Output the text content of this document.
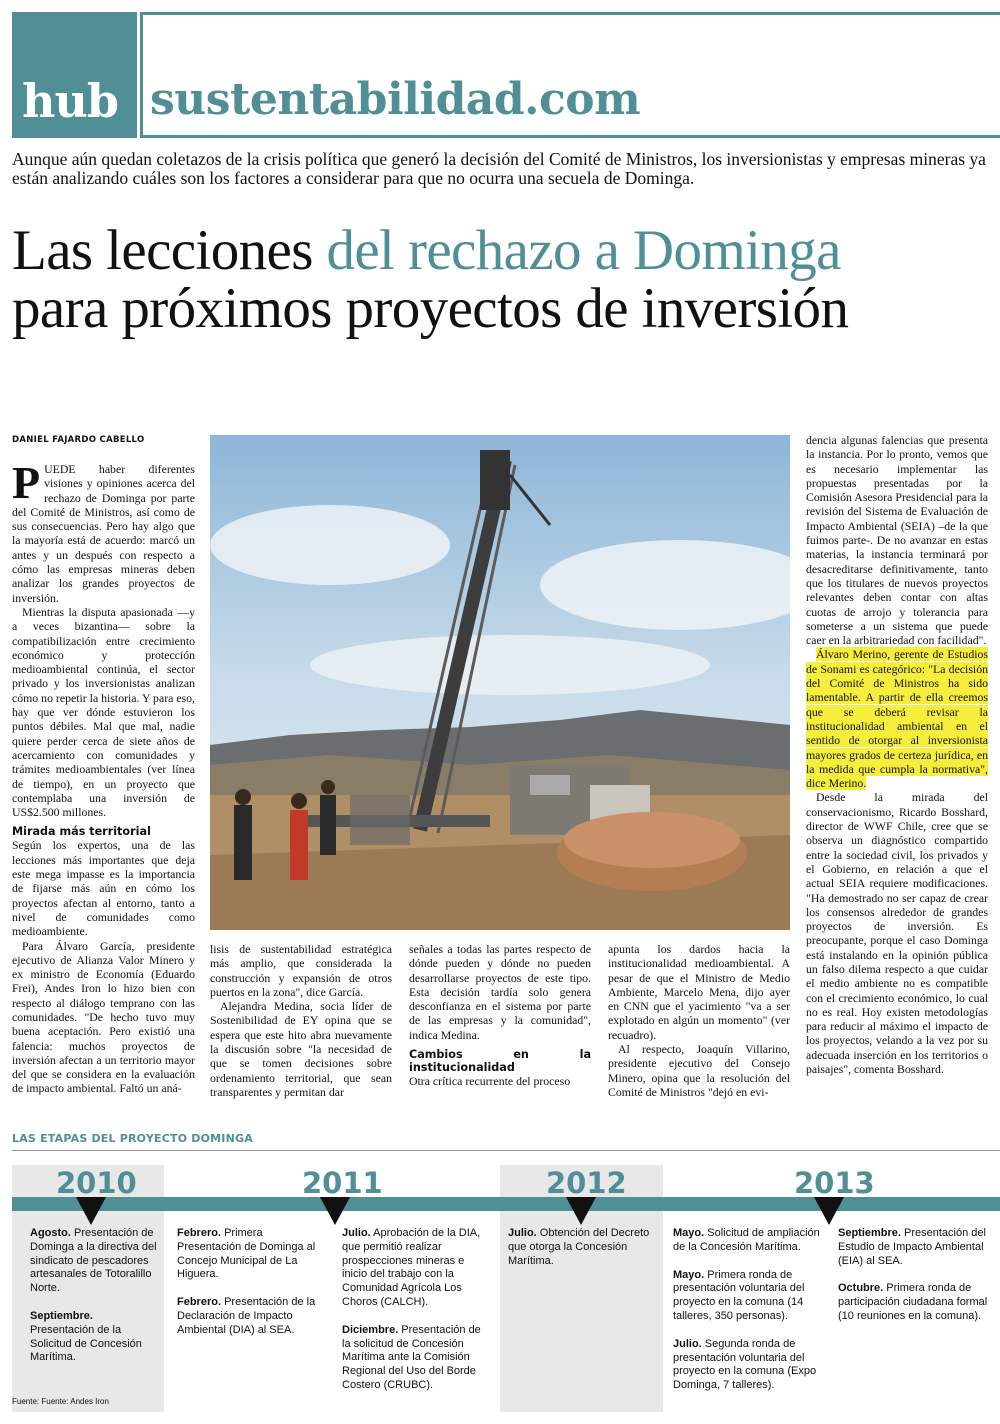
hub sustentabilidad.com
Aunque aún quedan coletazos de la crisis política que generó la decisión del Comité de Ministros, los inversionistas y empresas mineras ya están analizando cuáles son los factores a considerar para que no ocurra una secuela de Dominga.
Las lecciones del rechazo a Dominga
para próximos proyectos de inversión
DANIEL FAJARDO CABELLO

PUEDE haber diferentes visiones y opiniones acerca del rechazo de Dominga por parte del Comité de Ministros, así como de sus consecuencias. Pero hay algo que la mayoría está de acuerdo: marcó un antes y un después con respecto a cómo las empresas mineras deben analizar los grandes proyectos de inversión.

Mientras la disputa apasionada —y a veces bizantina— sobre la compatibilización entre crecimiento económico y protección medioambiental continúa, el sector privado y los inversionistas analizan cómo no repetir la historia. Y para eso, hay que ver dónde estuvieron los puntos débiles. Mal que mal, nadie quiere perder cerca de siete años de acercamiento con comunidades y trámites medioambientales (ver línea de tiempo), en un proyecto que contemplaba una inversión de US$2.500 millones.

Mirada más territorial

Según los expertos, una de las lecciones más importantes que deja este mega impasse es la importancia de fijarse más aún en cómo los proyectos afectan al entorno, tanto a nivel de comunidades como medioambiente.

Para Álvaro García, presidente ejecutivo de Alianza Valor Minero y ex ministro de Economía (Eduardo Frei), Andes Iron lo hizo bien con respecto al diálogo temprano con las comunidades. "De hecho tuvo muy buena aceptación. Pero existió una falencia: muchos proyectos de inversión afectan a un territorio mayor del que se considera en la evaluación de impacto ambiental. Faltó un aná-

lisis de sustentabilidad estratégica más amplio, que considerada la construcción y expansión de otros puertos en la zona", dice García.

Alejandra Medina, socia líder de Sostenibilidad de EY opina que se espera que este hito abra nuevamente la discusión sobre "la necesidad de que se tomen decisiones sobre ordenamiento territorial, que sean transparentes y permitan dar

señales a todas las partes respecto de dónde pueden y dónde no pueden desarrollarse proyectos de este tipo. Esta decisión tardía solo genera desconfianza en el sistema por parte de las empresas y la comunidad", indica Medina.

Cambios en la institucionalidad

Otra crítica recurrente del proceso

apunta los dardos hacia la institucionalidad medioambiental. A pesar de que el Ministro de Medio Ambiente, Marcelo Mena, dijo ayer en CNN que el yacimiento "va a ser explotado en algún un momento" (ver recuadro).

Al respecto, Joaquín Villarino, presidente ejecutivo del Consejo Minero, opina que la resolución del Comité de Ministros "dejó en evi-

dencia algunas falencias que presenta la instancia. Por lo pronto, vemos que es necesario implementar las propuestas presentadas por la Comisión Asesora Presidencial para la revisión del Sistema de Evaluación de Impacto Ambiental (SEIA) –de la que fuimos parte-. De no avanzar en estas materias, la instancia terminará por desacreditarse definitivamente, tanto que los titulares de nuevos proyectos relevantes deben contar con altas cuotas de arrojo y tolerancia para someterse a un sistema que puede caer en la arbitrariedad con facilidad".

Álvaro Merino, gerente de Estudios de Sonami es categórico: "La decisión del Comité de Ministros ha sido lamentable. A partir de ella creemos que se deberá revisar la institucionalidad ambiental en el sentido de otorgar al inversionista mayores grados de certeza jurídica, en la medida que cumpla la normativa", dice Merino.

Desde la mirada del conservacionismo, Ricardo Bosshard, director de WWF Chile, cree que se observa un diagnóstico compartido entre la sociedad civil, los privados y el Gobierno, en relación a que el actual SEIA requiere modificaciones. "Ha demostrado no ser capaz de crear los consensos alrededor de grandes proyectos de inversión. Es preocupante, porque el caso Dominga está instalando en la opinión pública un falso dilema respecto a que cuidar el medio ambiente no es compatible con el crecimiento económico, lo cual no es real. Hoy existen metodologías para reducir al máximo el impacto de los proyectos, velando a la vez por su adecuada inserción en los territorios o paisajes", comenta Bosshard.

LAS ETAPAS DEL PROYECTO DOMINGA
2010	2011	2012	2013
Agosto. Presentación de Dominga a la directiva del sindicato de pescadores artesanales de Totoralillo Norte.
Septiembre. Presentación de la Solicitud de Concesión Marítima.
Febrero. Primera Presentación de Dominga al Concejo Municipal de La Higuera.
Febrero. Presentación de la Declaración de Impacto Ambiental (DIA) al SEA.
Julio. Aprobación de la DIA, que permitió realizar prospecciones mineras e inicio del trabajo con la Comunidad Agrícola Los Choros (CALCH).
Diciembre. Presentación de la solicitud de Concesión Marítima ante la Comisión Regional del Uso del Borde Costero (CRUBC).
Julio. Obtención del Decreto que otorga la Concesión Marítima.
Mayo. Solicitud de ampliación de la Concesión Marítima.
Mayo. Primera ronda de presentación voluntaria del proyecto en la comuna (14 talleres, 350 personas).
Julio. Segunda ronda de presentación voluntaria del proyecto en la comuna (Expo Dominga, 7 talleres).
Septiembre. Presentación del Estudio de Impacto Ambiental (EIA) al SEA.
Octubre. Primera ronda de participación ciudadana formal (10 reuniones en la comuna).
Fuente: Fuente: Andes Iron
